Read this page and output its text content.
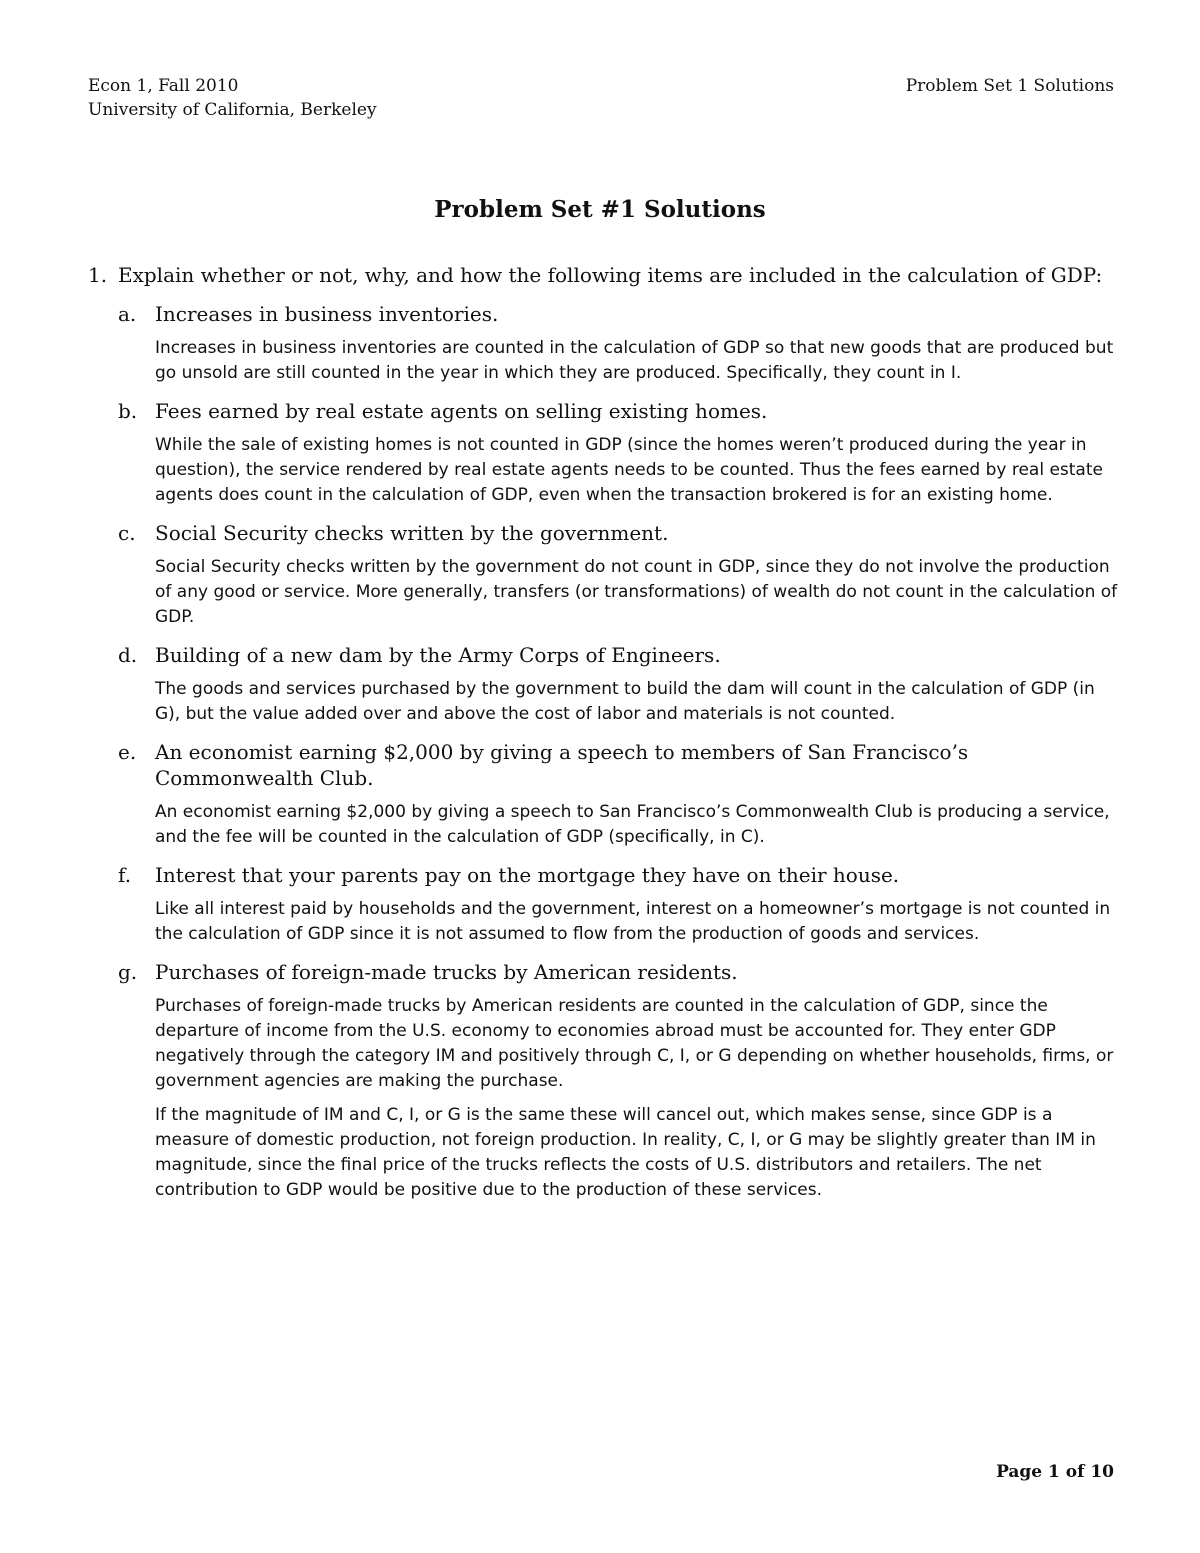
Econ 1, Fall 2010
University of California, Berkeley
Problem Set 1 Solutions
Problem Set #1 Solutions
1. Explain whether or not, why, and how the following items are included in the calculation of GDP:
a. Increases in business inventories.

Increases in business inventories are counted in the calculation of GDP so that new goods that are produced but go unsold are still counted in the year in which they are produced. Specifically, they count in I.

b. Fees earned by real estate agents on selling existing homes.

While the sale of existing homes is not counted in GDP (since the homes weren’t produced during the year in question), the service rendered by real estate agents needs to be counted. Thus the fees earned by real estate agents does count in the calculation of GDP, even when the transaction brokered is for an existing home.

c. Social Security checks written by the government.

Social Security checks written by the government do not count in GDP, since they do not involve the production of any good or service. More generally, transfers (or transformations) of wealth do not count in the calculation of GDP.

d. Building of a new dam by the Army Corps of Engineers.

The goods and services purchased by the government to build the dam will count in the calculation of GDP (in G), but the value added over and above the cost of labor and materials is not counted.

e. An economist earning $2,000 by giving a speech to members of San Francisco’s Commonwealth Club.

An economist earning $2,000 by giving a speech to San Francisco’s Commonwealth Club is producing a service, and the fee will be counted in the calculation of GDP (specifically, in C).

f.	Interest that your parents pay on the mortgage they have on their house.

Like all interest paid by households and the government, interest on a homeowner’s mortgage is not counted in the calculation of GDP since it is not assumed to flow from the production of goods and services.

g. Purchases of foreign-made trucks by American residents.

Purchases of foreign-made trucks by American residents are counted in the calculation of GDP, since the departure of income from the U.S. economy to economies abroad must be accounted for. They enter GDP negatively through the category IM and positively through C, I, or G depending on whether households, firms, or government agencies are making the purchase.

If the magnitude of IM and C, I, or G is the same these will cancel out, which makes sense, since GDP is a measure of domestic production, not foreign production. In reality, C, I, or G may be slightly greater than IM in magnitude, since the final price of the trucks reflects the costs of U.S. distributors and retailers. The net contribution to GDP would be positive due to the production of these services.

Page 1 of 10
